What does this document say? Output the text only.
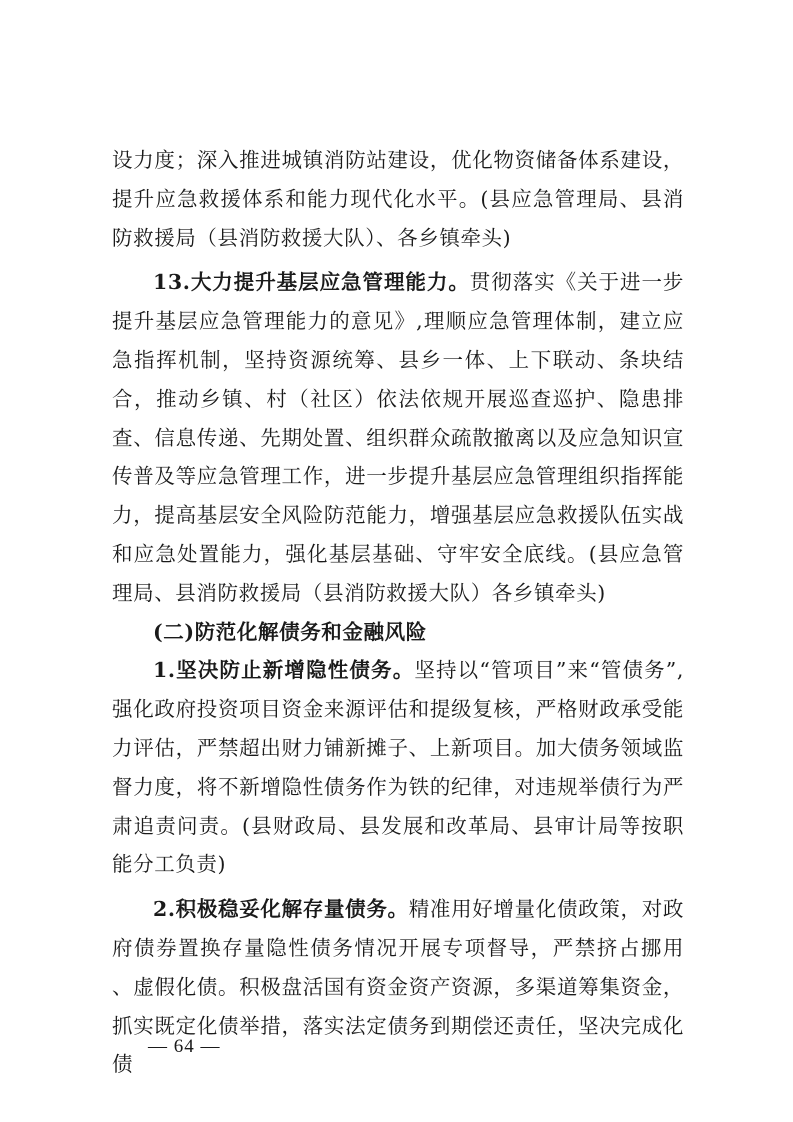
设力度；深入推进城镇消防站建设，优化物资储备体系建设，提升应急救援体系和能力现代化水平。(县应急管理局、县消防救援局（县消防救援大队）、各乡镇牵头)

13.大力提升基层应急管理能力。贯彻落实《关于进一步提升基层应急管理能力的意见》,理顺应急管理体制，建立应急指挥机制，坚持资源统筹、县乡一体、上下联动、条块结合，推动乡镇、村（社区）依法依规开展巡查巡护、隐患排查、信息传递、先期处置、组织群众疏散撤离以及应急知识宣传普及等应急管理工作，进一步提升基层应急管理组织指挥能力，提高基层安全风险防范能力，增强基层应急救援队伍实战和应急处置能力，强化基层基础、守牢安全底线。(县应急管理局、县消防救援局（县消防救援大队）各乡镇牵头)

(二)防范化解债务和金融风险

1.坚决防止新增隐性债务。坚持以“管项目”来“管债务”,强化政府投资项目资金来源评估和提级复核，严格财政承受能力评估，严禁超出财力铺新摊子、上新项目。加大债务领域监督力度，将不新增隐性债务作为铁的纪律，对违规举债行为严肃追责问责。(县财政局、县发展和改革局、县审计局等按职能分工负责)

2.积极稳妥化解存量债务。精准用好增量化债政策，对政府债券置换存量隐性债务情况开展专项督导，严禁挤占挪用 、虚假化债。积极盘活国有资金资产资源，多渠道筹集资金，抓实既定化债举措，落实法定债务到期偿还责任，坚决完成化债

— 64 —
